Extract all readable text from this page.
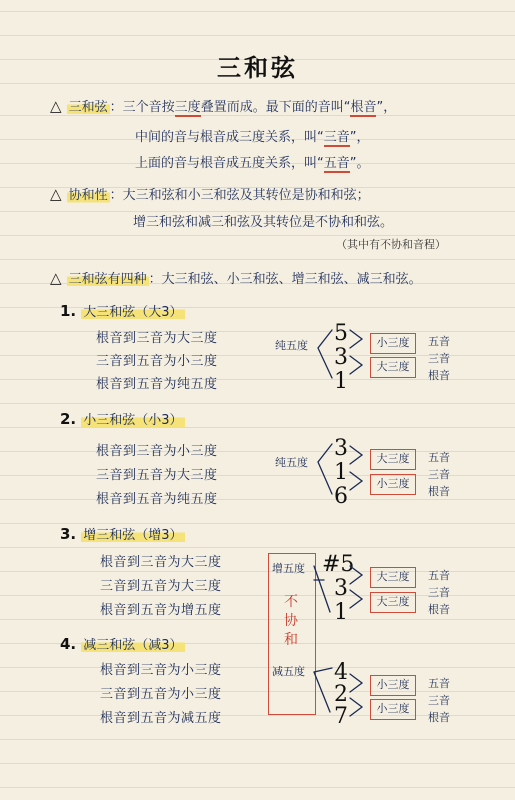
三和弦
△ 三和弦 ：三个音按三度叠置而成。最下面的音叫“根音”，
中间的音与根音成三度关系，叫“三音”，
上面的音与根音成五度关系，叫“五音”。
△ 协和性 ：大三和弦和小三和弦及其转位是协和和弦；
增三和弦和减三和弦及其转位是不协和和弦。
（其中有不协和音程）
△ 三和弦有四种 ：大三和弦、小三和弦、增三和弦、减三和弦。
1. 大三和弦（大3）
根音到三音为大三度
三音到五音为小三度
根音到五音为纯五度
纯五度 5
3
1
小三度
大三度
五音
三音
根音
2. 小三和弦（小3）
根音到三音为小三度
三音到五音为大三度
根音到五音为纯五度
纯五度
3
1
6
大三度
小三度
五音
三音
根音
3. 增三和弦（增3）
根音到三音为大三度
三音到五音为大三度
根音到五音为增五度
4. 减三和弦（减3）
根音到三音为小三度
三音到五音为小三度
根音到五音为减五度
增五度
不
协
和
减五度
#5
3
1
大三度
大三度
五音
三音
根音
4
2
7
小三度
小三度
五音
三音
根音
